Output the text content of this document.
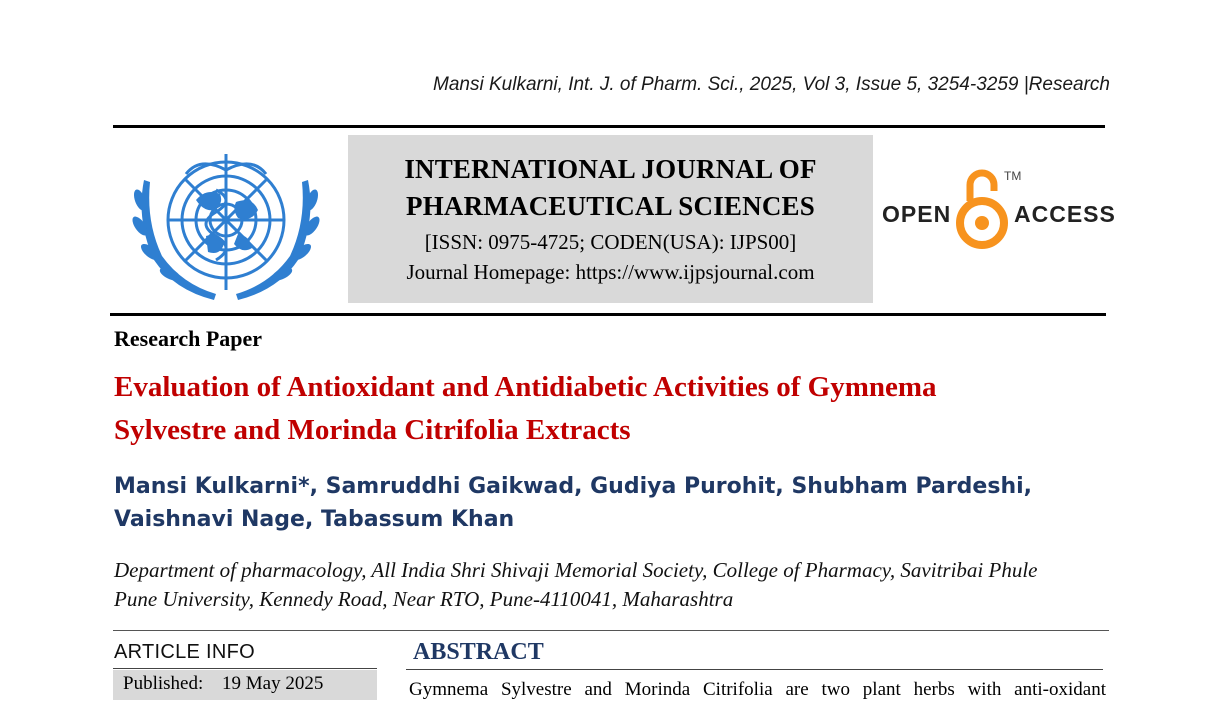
Mansi Kulkarni, Int. J. of Pharm. Sci., 2025, Vol 3, Issue 5, 3254-3259 |Research
INTERNATIONAL JOURNAL OF
PHARMACEUTICAL SCIENCES
[ISSN: 0975-4725; CODEN(USA): IJPS00]
Journal Homepage: https://www.ijpsjournal.com
OPEN	ACCESS
TM
Research Paper
Evaluation of Antioxidant and Antidiabetic Activities of Gymnema
Sylvestre and Morinda Citrifolia Extracts
Mansi Kulkarni*, Samruddhi Gaikwad, Gudiya Purohit, Shubham Pardeshi,
Vaishnavi Nage, Tabassum Khan
Department of pharmacology, All India Shri Shivaji Memorial Society, College of Pharmacy, Savitribai Phule
Pune University, Kennedy Road, Near RTO, Pune-4110041, Maharashtra
ARTICLE INFO
Published: 19 May 2025
ABSTRACT
Gymnema Sylvestre and Morinda Citrifolia are two plant herbs with anti-oxidant
